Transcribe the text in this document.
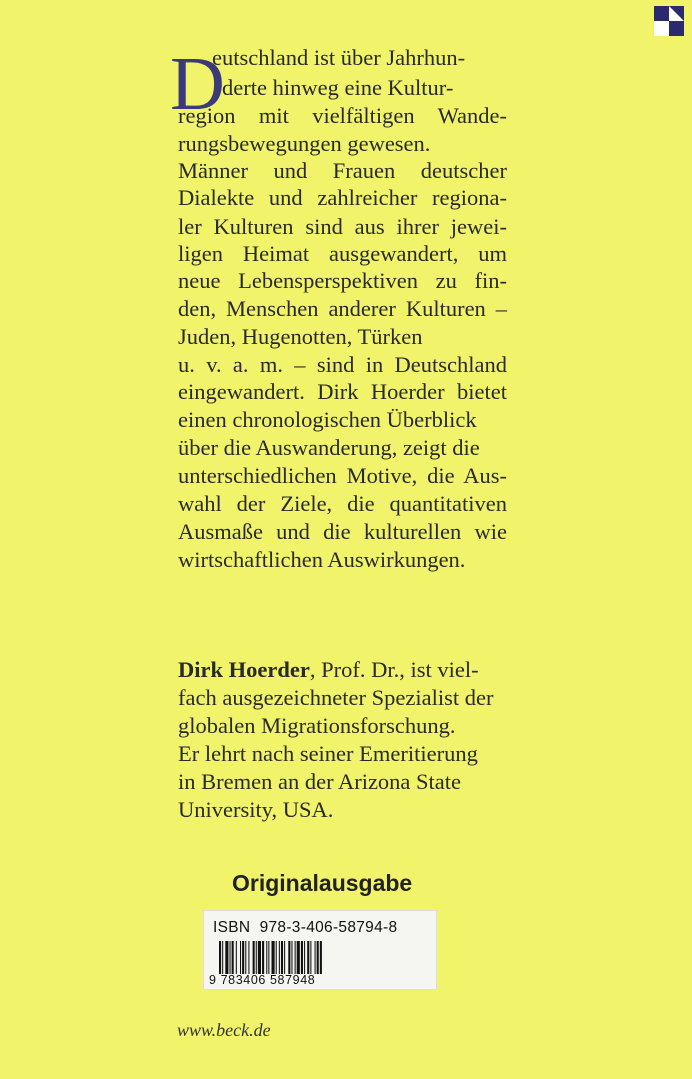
D
eutschland ist über Jahrhun-
derte hinweg eine Kultur-
region mit vielfältigen Wande-
rungsbewegungen gewesen.
Männer und Frauen deutscher
Dialekte und zahlreicher regiona-
ler Kulturen sind aus ihrer jewei-
ligen Heimat ausgewandert, um
neue Lebensperspektiven zu fin-
den, Menschen anderer Kulturen –
Juden, Hugenotten, Türken
u. v. a. m. – sind in Deutschland
eingewandert. Dirk Hoerder bietet
einen chronologischen Überblick
über die Auswanderung, zeigt die
unterschiedlichen Motive, die Aus-
wahl der Ziele, die quantitativen
Ausmaße und die kulturellen wie
wirtschaftlichen Auswirkungen.
Dirk Hoerder, Prof. Dr., ist viel-
fach ausgezeichneter Spezialist der
globalen Migrationsforschung.
Er lehrt nach seiner Emeritierung
in Bremen an der Arizona State
University, USA.
Originalausgabe
ISBN  978-3-406-58794-8
9 783406 587948
www.beck.de
